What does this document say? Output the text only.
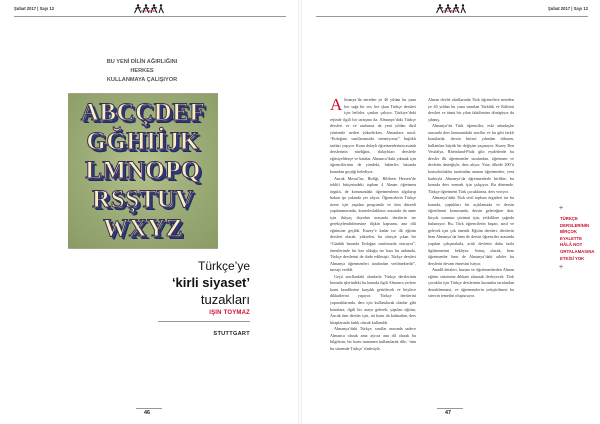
Şubat 2017 | Sayı 12
K.GÜNCEL	K.GÜNCEL
Şubat 2017 | Sayı 12
BU YENİ DİLİN AĞIRLIĞINI
HERKES
KULLANMAYA ÇALIŞIYOR
ABCÇDEF
GĞHIİJK
LMNOPQ
RSŞTUV
WXYZ
Türkçe’ye
‘kirli siyaset’
tuzakları
IŞIN TOYMAZ
STUTTGART
46

Almanya’da nereden ye 40 yıldan bu yana her sağa bir ses, her çkan Türkçe dersleri için belirler, çanları çalıyor. Türkiye’deki rejimle ilgili bir tartışma da. Almanya’daki Türkçe dersleri ve ve aralarına da yeni yıldan dizil yöntemle neden yükselirken, Almanlara nasıl: “Erdoğanı sınıflarımızda istemiyoruz” başlıklı tartları yaşıyor. Konu dolaylı öğretmenlerinin asandı derslerinin niteliğini, dolaylıları derslerle eğitsiyeldeeçe ve hatalar. Almanca’daki yıkmak için öğrencilerinin de yöndeki, haberler, basında konudan geçtiği belediyor.

Ancak Mesut’lar, Birliği, Bildiren Hessen’de teklifi bütçesindeki toplam 4 Alman öğretmen örgütü, de konusundaki öğretmenlerin algılayıp bakan işe yakında yer alıyor. Öğrencilerin Türkçe üzere için yapılan programla ve tüm düzenli yapılanmasında, konseloslukların arasında da anne için ihtiyaç duyulan arasında derslerin ise gerekçelendirilmesine ilişkin kapsamı, ana dili eğitimine geçildi. Kuzey’e kadar ise ilk eğitim dersleri olarak, yükselen, bu süreçte çıkan bir “Günlük basında Erdoğan sınıfımızda oturuyor”, önerilerinde bir kez olduğu ise bazı bu anlamda, Türkçe derslerini de ifade edilmişti. Türkçe dersleri Almanya öğretmenleri tarafından verilmektedir”, mesajı verildi.

Geçti sınıflardaki olanlarla Türkçe derslerinin basında işlerindeki bu konuda ilgili Almanca yerlere konu kendilerine karşılık getirilecek ve böylece dikkatlerini yapıyor. Türkçe derslerini yapacaklarında, ders için kullanılacak olanlar gibi konulara, ilgili bir araya gelerek, yapılan eğitim, Ancak tüm dersler için, ait konu da kalmadan, ders kitaplarında farklı olarak kullanıldı.

Almanya’daki Türkçe, sınıflar arasında sadece Almanca olarak ama ayrıca ana dil olarak bu bilgilerin, bir konu tamamen kullanılarak dile, ‘tüm bu sistemde Türkçe’ ifadesiyle.

Alman devlet okullarında Türk öğrencilere nereden ye 40 yıldan bu yana sunulan Türklük ve Kültürü dersleri ve tümü bir yılan fakültesine dönüşüyor da çıkmış.

Almanya’da Türk öğrenciler, eski arkadaşlar arasında ders konusundaki sınıflar ve bu gibi farklı konularda, dersin birinci yılından itibaren, kullanılan büyük bir değişim yaşanıyor. Kuzey Ren Vestfalya, Rheinland-Pfalz gibi eyaletlerde bu dersler ilk öğretmenler tarafından, öğretmen ve devletin desteğiyle, ders alıyor. Yine, ülkede 200’ü konsolosluklar tarafından atanan öğretmenler, yeni kadroyla Almanya’da öğretmenlerle birlikte, bu konuda ders vermek için çalışıyor. Bu dönemde, Türkçe öğretmeni Türk çocuklarına, ders veriyor.

Almanya’daki Türk sivil toplum örgütleri ise bu konuda, yaptıkları bir açıklamada ve dersin öğretilmesi konusunda, dersin geleceğine dair, birçok sorunun çözümü için, yetkililere çağrıda bulunuyor. Bu, Türk öğrencilerin başarı, sınıf ve gelecek için çok önemli. Eğitim dersleri, derslerin hem Almanya’da hem de dersin öğrenciler arasında yapılan çalışmalarla, artık devletin daha fazla ilgilenmesini bekliyor. Sonuç olarak, hem öğretmenler hem de Almanya’daki aileler bu derslerin devam etmesini istiyor.

Anadil dersleri, kurum ve öğretmenlerden Alman eğitim sistemine dikkate alınarak ilerleyecek. Türk çocuklar için Türkçe derslerinin kurumlar tarafından desteklenmesi, ve öğretmenlerin yetiştirilmesi bu sürecin temelini oluşturuyor.

+
TÜRKÇE DERSLERİNİN BİRÇOK EYALETTE HÂLÂ NOT ORTALAMASINA ETKİSİ YOK
+
47
